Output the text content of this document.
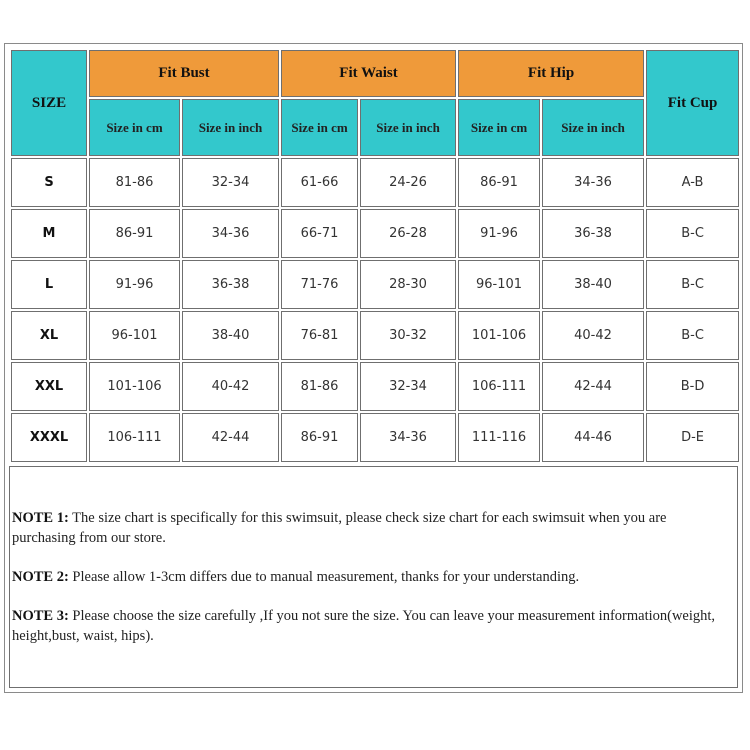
SIZE	Fit Bust		Fit Waist		Fit Hip		Fit Cup
	Size in cm	Size in inch	Size in cm	Size in inch	Size in cm	Size in inch	
S	81-86	32-34	61-66	24-26	86-91	34-36	A-B
M	86-91	34-36	66-71	26-28	91-96	36-38	B-C
L	91-96	36-38	71-76	28-30	96-101	38-40	B-C
XL	96-101	38-40	76-81	30-32	101-106	40-42	B-C
XXL	101-106	40-42	81-86	32-34	106-111	42-44	B-D
XXXL	106-111	42-44	86-91	34-36	111-116	44-46	D-E

NOTE 1: The size chart is specifically for this swimsuit, please check size chart for each swimsuit when you are purchasing from our store.

NOTE 2: Please allow 1-3cm differs due to manual measurement, thanks for your understanding.

NOTE 3: Please choose the size carefully ,If you not sure the size. You can leave your measurement information(weight, height,bust, waist, hips).
